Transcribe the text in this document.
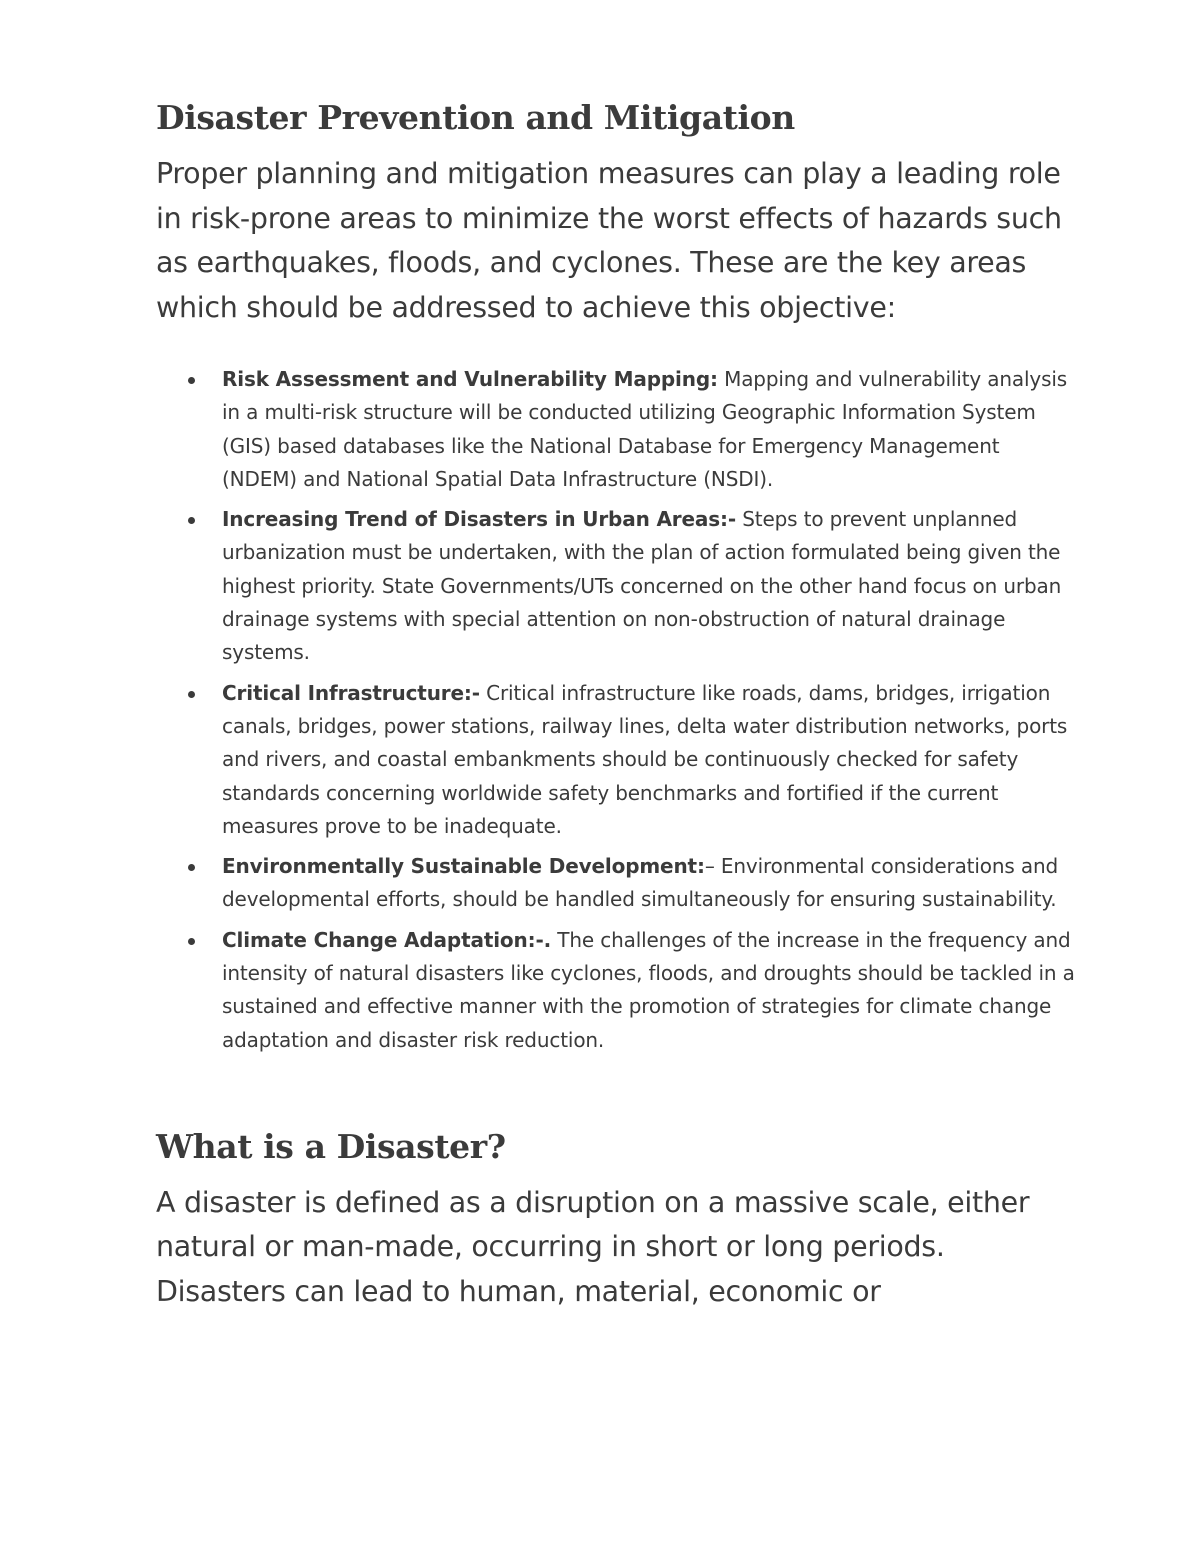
Disaster Prevention and Mitigation

Proper planning and mitigation measures can play a leading role in risk-prone areas to minimize the worst effects of hazards such as earthquakes, floods, and cyclones. These are the key areas which should be addressed to achieve this objective:

Risk Assessment and Vulnerability Mapping: Mapping and vulnerability analysis in a multi-risk structure will be conducted utilizing Geographic Information System (GIS) based databases like the National Database for Emergency Management (NDEM) and National Spatial Data Infrastructure (NSDI).
Increasing Trend of Disasters in Urban Areas:- Steps to prevent unplanned urbanization must be undertaken, with the plan of action formulated being given the highest priority. State Governments/UTs concerned on the other hand focus on urban drainage systems with special attention on non-obstruction of natural drainage systems.
Critical Infrastructure:- Critical infrastructure like roads, dams, bridges, irrigation canals, bridges, power stations, railway lines, delta water distribution networks, ports and rivers, and coastal embankments should be continuously checked for safety standards concerning worldwide safety benchmarks and fortified if the current measures prove to be inadequate.
Environmentally Sustainable Development:– Environmental considerations and developmental efforts, should be handled simultaneously for ensuring sustainability.
Climate Change Adaptation:-. The challenges of the increase in the frequency and intensity of natural disasters like cyclones, floods, and droughts should be tackled in a sustained and effective manner with the promotion of strategies for climate change adaptation and disaster risk reduction.
What is a Disaster?

A disaster is defined as a disruption on a massive scale, either natural or man-made, occurring in short or long periods. Disasters can lead to human, material, economic or
